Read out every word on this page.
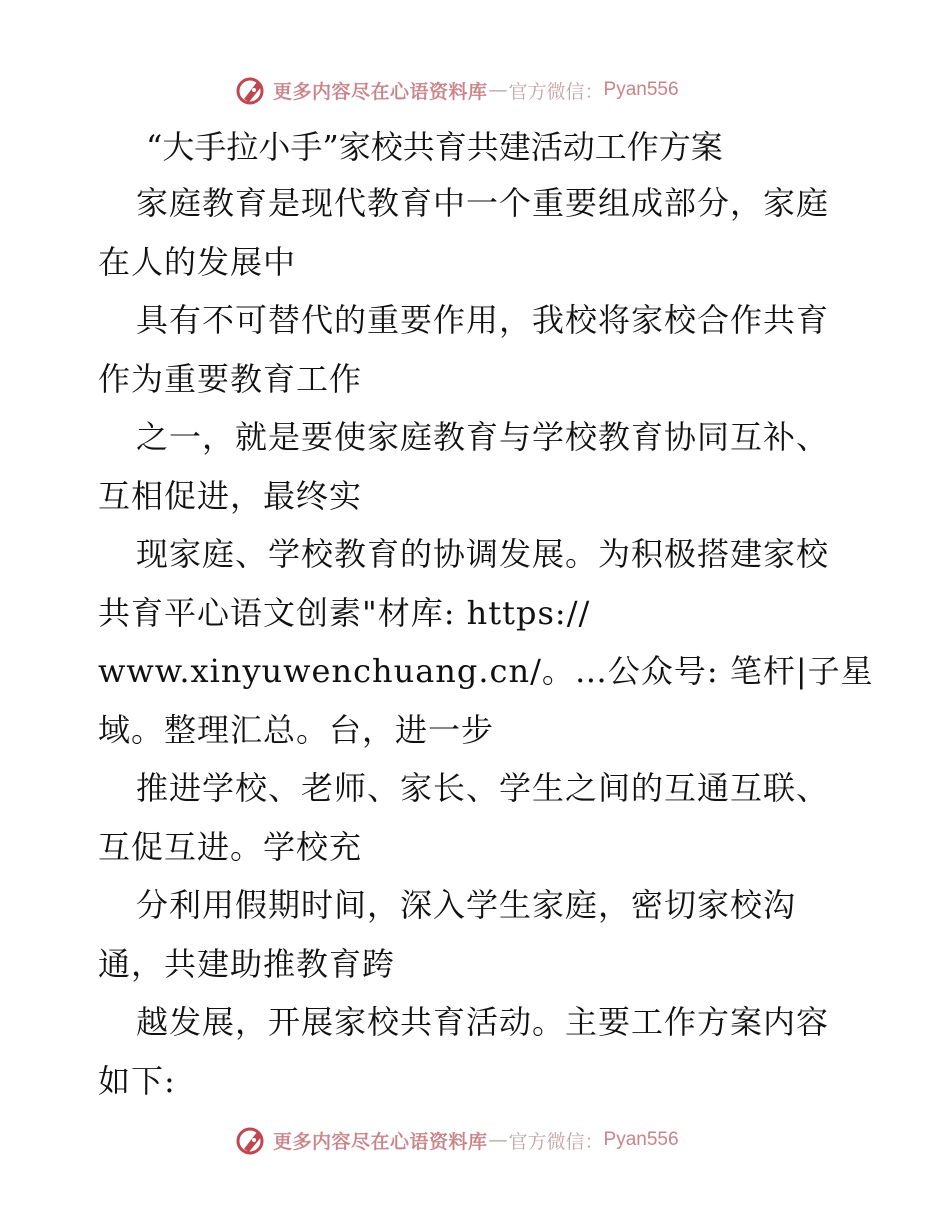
更多内容尽在心语资料库 — 官方微信： Pyan556
“大手拉小手”家校共育共建活动工作方案
家庭教育是现代教育中一个重要组成部分，家庭
在人的发展中
具有不可替代的重要作用，我校将家校合作共育
作为重要教育工作
之一，就是要使家庭教育与学校教育协同互补、
互相促进，最终实
现家庭、学校教育的协调发展。为积极搭建家校
共育平心语文创素"材库: https://
www.xinyuwenchuang.cn/。…公众号: 笔杆|子星
域。整理汇总。台，进一步
推进学校、老师、家长、学生之间的互通互联、
互促互进。学校充
分利用假期时间，深入学生家庭，密切家校沟
通，共建助推教育跨
越发展，开展家校共育活动。主要工作方案内容
如下:
更多内容尽在心语资料库 — 官方微信： Pyan556
